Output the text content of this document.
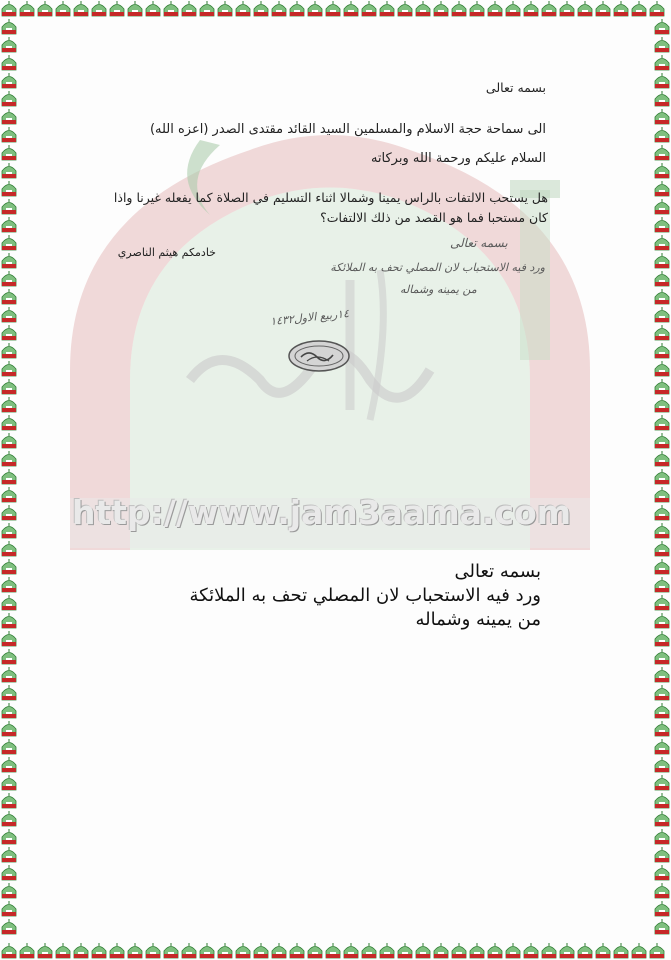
http://www.jam3aama.com
بسمه تعالى
الى سماحة حجة الاسلام والمسلمين السيد القائد مقتدى الصدر (اعزه الله)
السلام عليكم ورحمة الله وبركاته
هل يستحب الالتفات بالراس يمينا وشمالا اثناء التسليم في الصلاة كما يفعله غيرنا واذا كان مستحبا فما هو القصد من ذلك الالتفات؟
خادمكم هيثم الناصري
بسمه تعالى
ورد فيه الاستحباب لان المصلي تحف به الملائكة
من يمينه وشماله
١٤ربيع الاول١٤٣٢
بسمه تعالى
ورد فيه الاستحباب لان المصلي تحف به الملائكة
من يمينه وشماله
